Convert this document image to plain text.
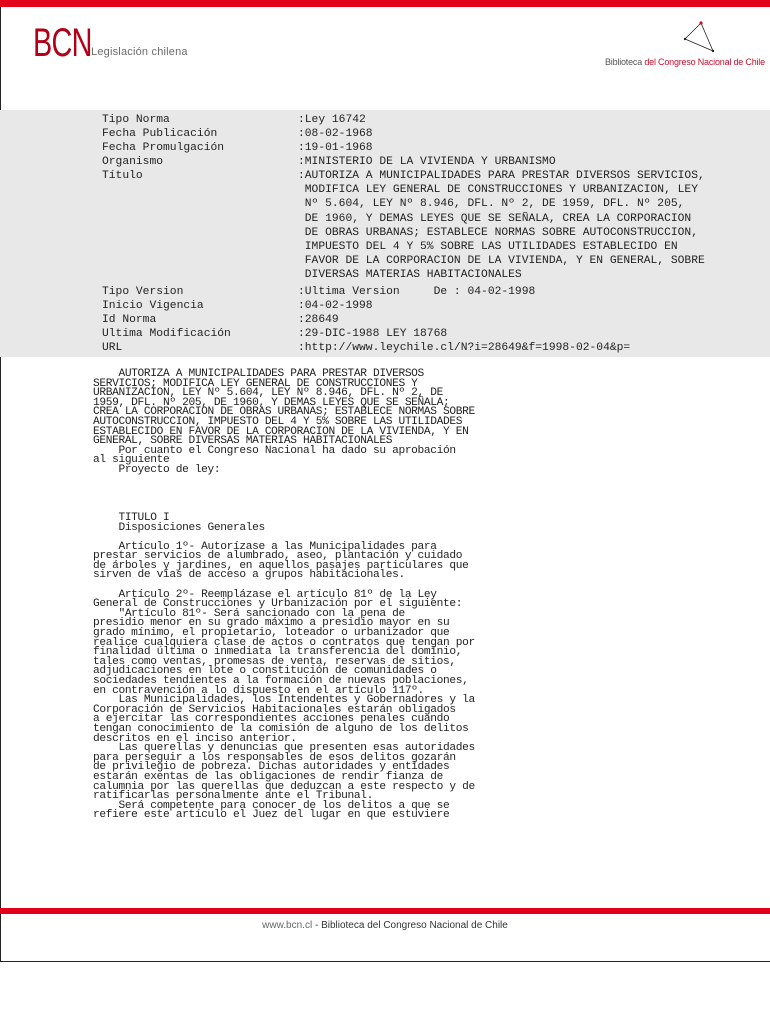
BCN Legislación chilena
Biblioteca del Congreso Nacional de Chile
Tipo Norma	:Ley 16742
Fecha Publicación	:08-02-1968
Fecha Promulgación	:19-01-1968
Organismo	:MINISTERIO DE LA VIVIENDA Y URBANISMO
Título	:AUTORIZA A MUNICIPALIDADES PARA PRESTAR DIVERSOS SERVICIOS,
MODIFICA LEY GENERAL DE CONSTRUCCIONES Y URBANIZACION, LEY
Nº 5.604, LEY Nº 8.946, DFL. Nº 2, DE 1959, DFL. Nº 205,
DE 1960, Y DEMAS LEYES QUE SE SEÑALA, CREA LA CORPORACION
DE OBRAS URBANAS; ESTABLECE NORMAS SOBRE AUTOCONSTRUCCION,
IMPUESTO DEL 4 Y 5% SOBRE LAS UTILIDADES ESTABLECIDO EN
FAVOR DE LA CORPORACION DE LA VIVIENDA, Y EN GENERAL, SOBRE
DIVERSAS MATERIAS HABITACIONALES
Tipo Version	:Ultima Version     De : 04-02-1998
Inicio Vigencia	:04-02-1998
Id Norma	:28649
Ultima Modificación	:29-DIC-1988 LEY 18768
URL	:http://www.leychile.cl/N?i=28649&f=1998-02-04&p=
AUTORIZA A MUNICIPALIDADES PARA PRESTAR DIVERSOS
SERVICIOS; MODIFICA LEY GENERAL DE CONSTRUCCIONES Y
URBANIZACION, LEY Nº 5.604, LEY Nº 8.946, DFL. Nº 2, DE
1959, DFL. Nº 205, DE 1960, Y DEMAS LEYES QUE SE SEÑALA;
CREA LA CORPORACION DE OBRAS URBANAS; ESTABLECE NORMAS SOBRE
AUTOCONSTRUCCION, IMPUESTO DEL 4 Y 5% SOBRE LAS UTILIDADES
ESTABLECIDO EN FAVOR DE LA CORPORACION DE LA VIVIENDA, Y EN
GENERAL, SOBRE DIVERSAS MATERIAS HABITACIONALES
Por cuanto el Congreso Nacional ha dado su aprobación
al siguiente
Proyecto de ley:
TITULO I
Disposiciones Generales
Artículo 1º- Autorízase a las Municipalidades para
prestar servicios de alumbrado, aseo, plantación y cuidado
de árboles y jardines, en aquellos pasajes particulares que
sirven de vías de acceso a grupos habitacionales.
Artículo 2º- Reemplázase el artículo 81º de la Ley
General de Construcciones y Urbanización por el siguiente:
"Artículo 81º- Será sancionado con la pena de
presidio menor en su grado máximo a presidio mayor en su
grado mínimo, el propietario, loteador o urbanizador que
realice cualquiera clase de actos o contratos que tengan por
finalidad última o inmediata la transferencia del dominio,
tales como ventas, promesas de venta, reservas de sitios,
adjudicaciones en lote o constitución de comunidades o
sociedades tendientes a la formación de nuevas poblaciones,
en contravención a lo dispuesto en el artículo 117º.
Las Municipalidades, los Intendentes y Gobernadores y la
Corporación de Servicios Habitacionales estarán obligados
a ejercitar las correspondientes acciones penales cuando
tengan conocimiento de la comisión de alguno de los delitos
descritos en el inciso anterior.
Las querellas y denuncias que presenten esas autoridades
para perseguir a los responsables de esos delitos gozarán
de privilegio de pobreza. Dichas autoridades y entidades
estarán exentas de las obligaciones de rendir fianza de
calumnia por las querellas que deduzcan a este respecto y de
ratificarlas personalmente ante el Tribunal.
Será competente para conocer de los delitos a que se
refiere este artículo el Juez del lugar en que estuviere
www.bcn.cl - Biblioteca del Congreso Nacional de Chile
